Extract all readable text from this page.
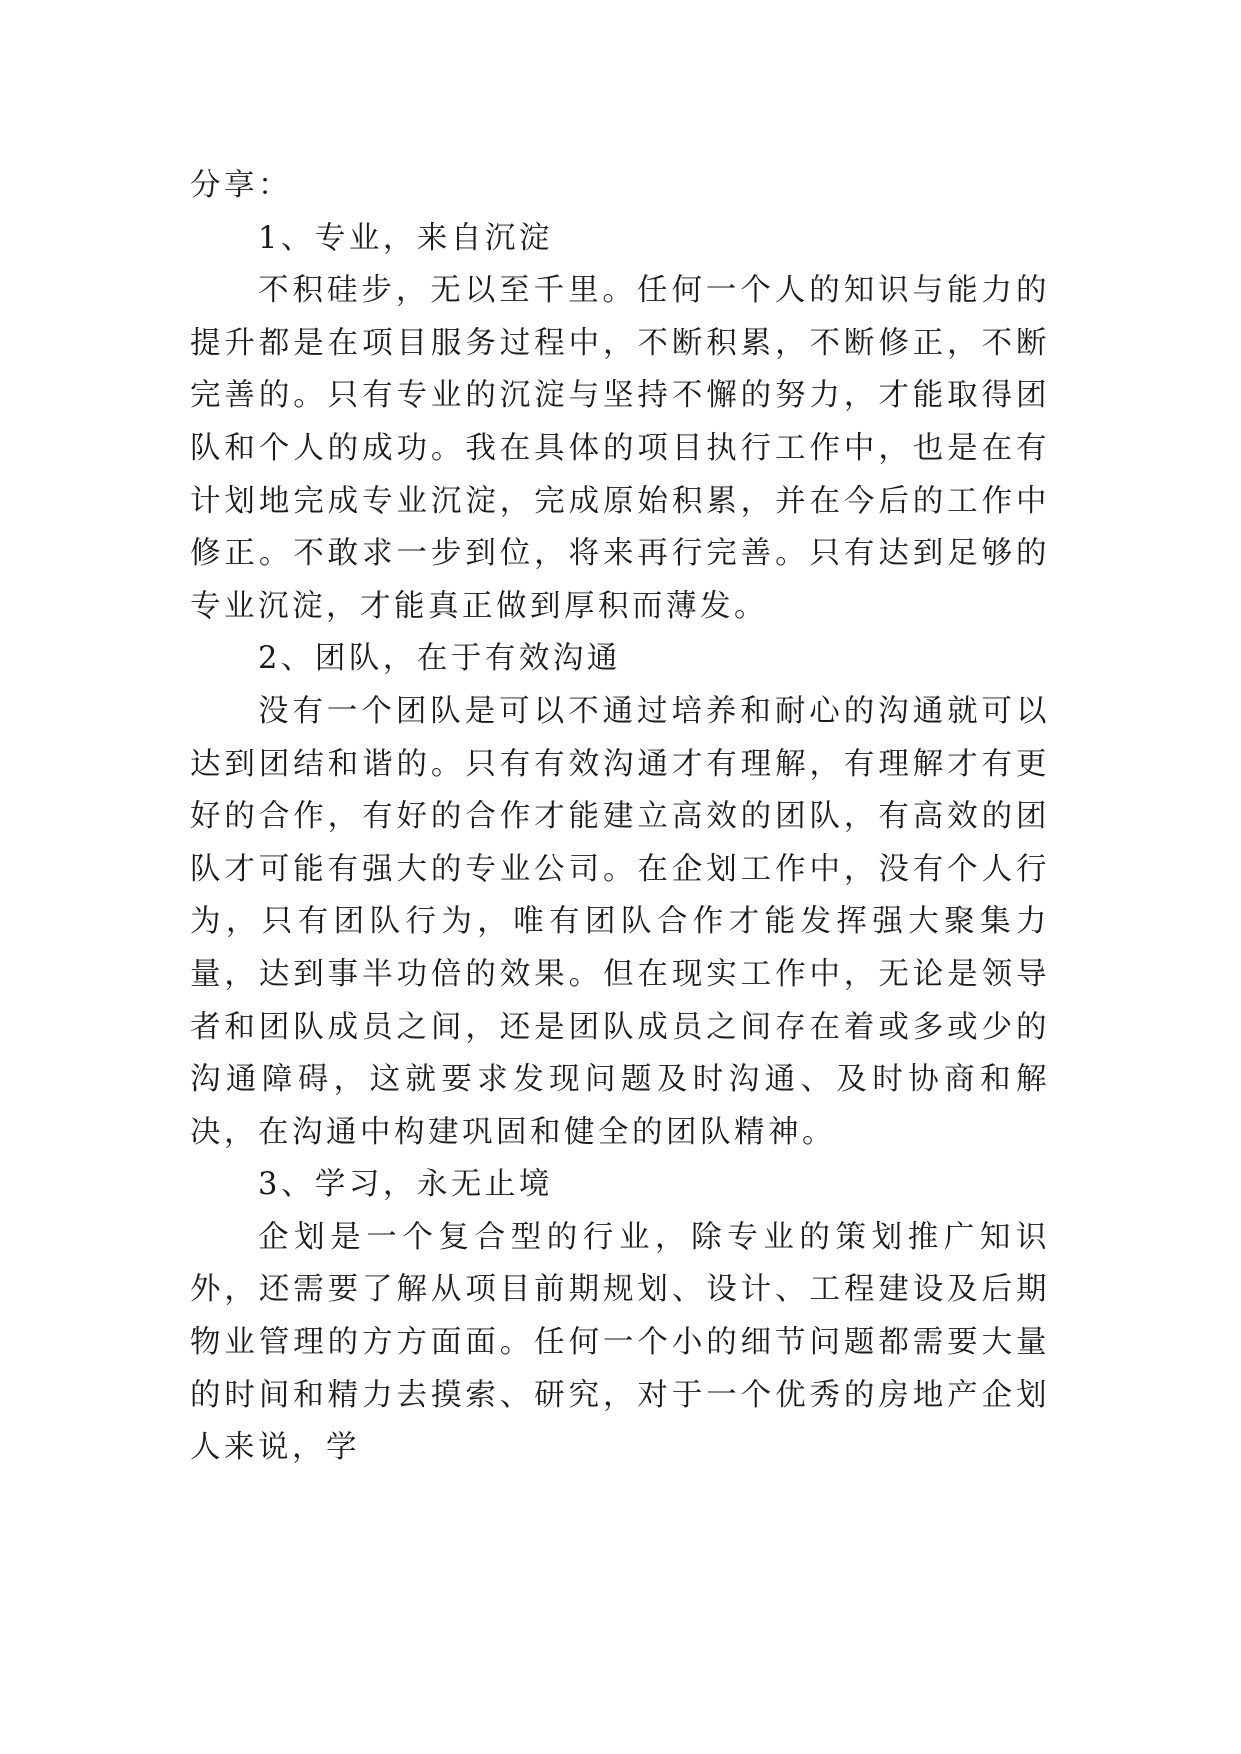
分享：

1、专业，来自沉淀

不积硅步，无以至千里。任何一个人的知识与能力的提升都是在项目服务过程中，不断积累，不断修正，不断完善的。只有专业的沉淀与坚持不懈的努力，才能取得团队和个人的成功。我在具体的项目执行工作中，也是在有计划地完成专业沉淀，完成原始积累，并在今后的工作中修正。不敢求一步到位，将来再行完善。只有达到足够的专业沉淀，才能真正做到厚积而薄发。

2、团队，在于有效沟通

没有一个团队是可以不通过培养和耐心的沟通就可以达到团结和谐的。只有有效沟通才有理解，有理解才有更好的合作，有好的合作才能建立高效的团队，有高效的团队才可能有强大的专业公司。在企划工作中，没有个人行为，只有团队行为，唯有团队合作才能发挥强大聚集力量，达到事半功倍的效果。但在现实工作中，无论是领导者和团队成员之间，还是团队成员之间存在着或多或少的沟通障碍，这就要求发现问题及时沟通、及时协商和解决，在沟通中构建巩固和健全的团队精神。

3、学习，永无止境

企划是一个复合型的行业，除专业的策划推广知识外，还需要了解从项目前期规划、设计、工程建设及后期物业管理的方方面面。任何一个小的细节问题都需要大量的时间和精力去摸索、研究，对于一个优秀的房地产企划人来说，学
